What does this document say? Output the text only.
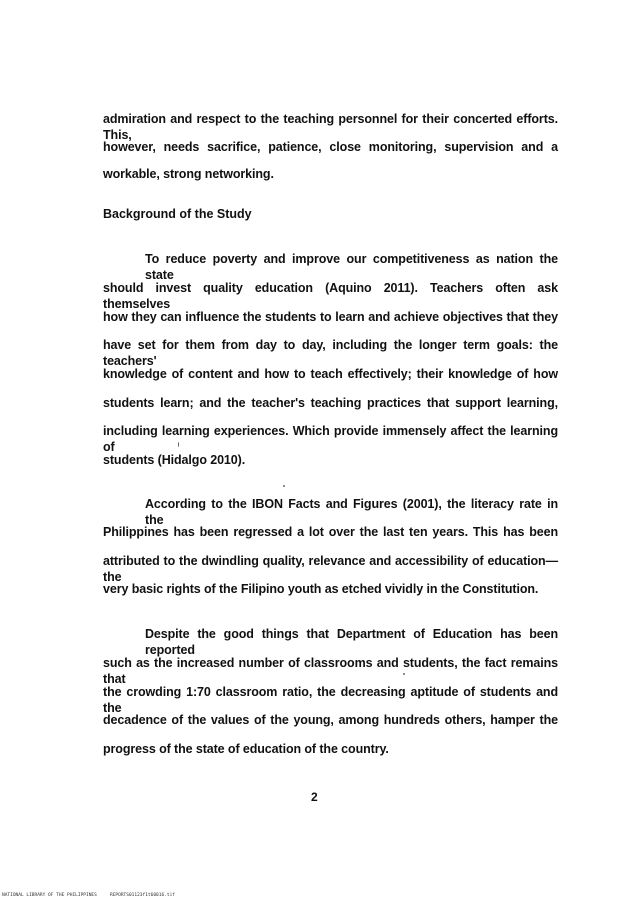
admiration and respect to the teaching personnel for their concerted efforts. This,
however, needs sacrifice, patience, close monitoring, supervision and a
workable, strong networking.
Background of the Study
To reduce poverty and improve our competitiveness as nation the state
should invest quality education (Aquino 2011). Teachers often ask themselves
how they can influence the students to learn and achieve objectives that they
have set for them from day to day, including the longer term goals: the teachers'
knowledge of content and how to teach effectively; their knowledge of how
students learn; and the teacher's teaching practices that support learning,
including learning experiences. Which provide immensely affect the learning of
students (Hidalgo 2010).
According to the IBON Facts and Figures (2001), the literacy rate in the
Philippines has been regressed a lot over the last ten years. This has been
attributed to the dwindling quality, relevance and accessibility of education—the
very basic rights of the Filipino youth as etched vividly in the Constitution.
Despite the good things that Department of Education has been reported
such as the increased number of classrooms and students, the fact remains that
the crowding 1:70 classroom ratio, the decreasing aptitude of students and the
decadence of the values of the young, among hundreds others, hamper the
progress of the state of education of the country.
2
NATIONAL LIBRARY OF THE PHILIPPINES	REPORTS01123f1t60016.tif
